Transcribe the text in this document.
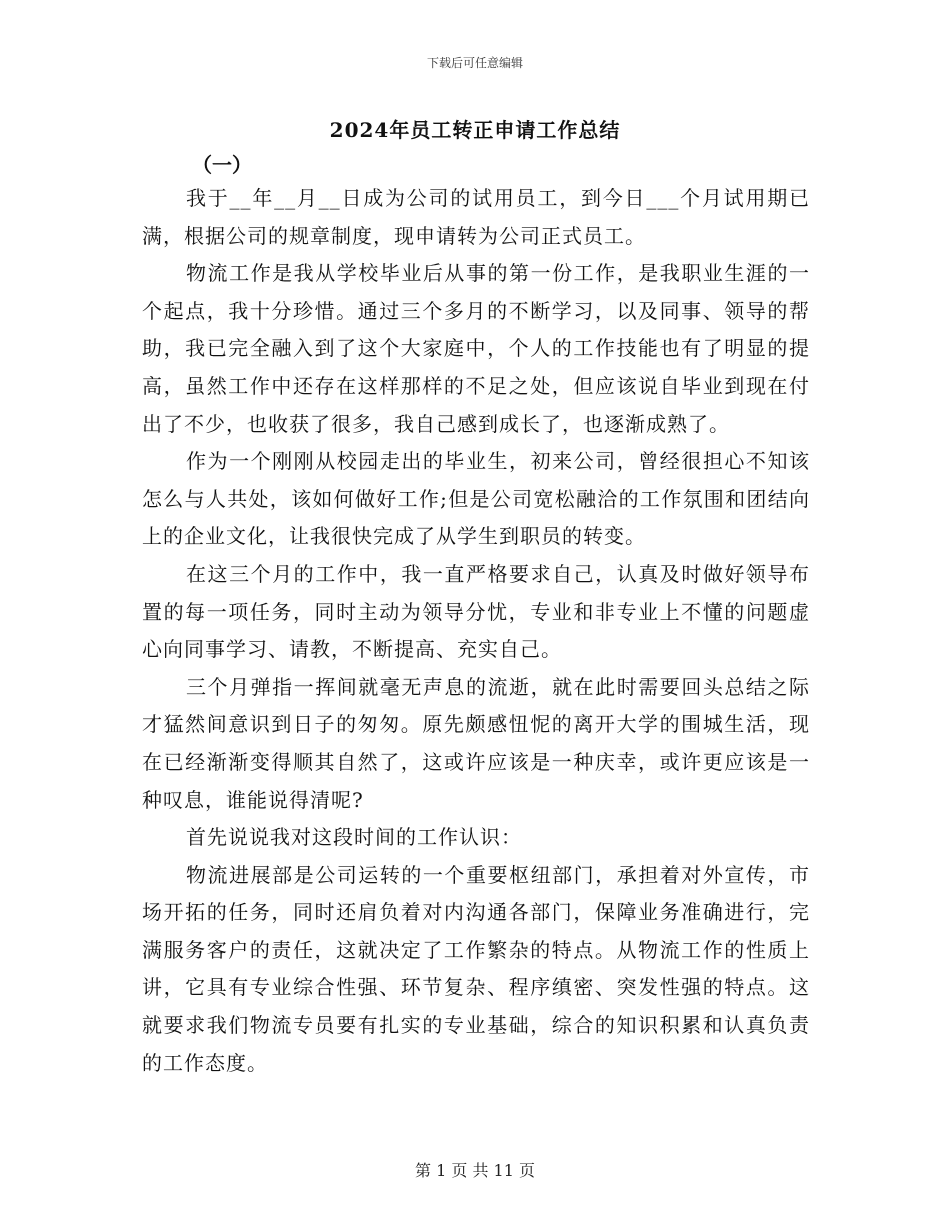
下载后可任意编辑
2024年员工转正申请工作总结
（一）

我于__年__月__日成为公司的试用员工，到今日___个月试用期已满，根据公司的规章制度，现申请转为公司正式员工。

物流工作是我从学校毕业后从事的第一份工作，是我职业生涯的一个起点，我十分珍惜。通过三个多月的不断学习，以及同事、领导的帮助，我已完全融入到了这个大家庭中，个人的工作技能也有了明显的提高，虽然工作中还存在这样那样的不足之处，但应该说自毕业到现在付出了不少，也收获了很多，我自己感到成长了，也逐渐成熟了。

作为一个刚刚从校园走出的毕业生，初来公司，曾经很担心不知该怎么与人共处，该如何做好工作;但是公司宽松融洽的工作氛围和团结向上的企业文化，让我很快完成了从学生到职员的转变。

在这三个月的工作中，我一直严格要求自己，认真及时做好领导布置的每一项任务，同时主动为领导分忧，专业和非专业上不懂的问题虚心向同事学习、请教，不断提高、充实自己。

三个月弹指一挥间就毫无声息的流逝，就在此时需要回头总结之际才猛然间意识到日子的匆匆。原先颇感忸怩的离开大学的围城生活，现在已经渐渐变得顺其自然了，这或许应该是一种庆幸，或许更应该是一种叹息，谁能说得清呢?

首先说说我对这段时间的工作认识：

物流进展部是公司运转的一个重要枢纽部门，承担着对外宣传，市场开拓的任务，同时还肩负着对内沟通各部门，保障业务准确进行，完满服务客户的责任，这就决定了工作繁杂的特点。从物流工作的性质上讲，它具有专业综合性强、环节复杂、程序缜密、突发性强的特点。这就要求我们物流专员要有扎实的专业基础，综合的知识积累和认真负责的工作态度。

第 1 页 共 11 页
